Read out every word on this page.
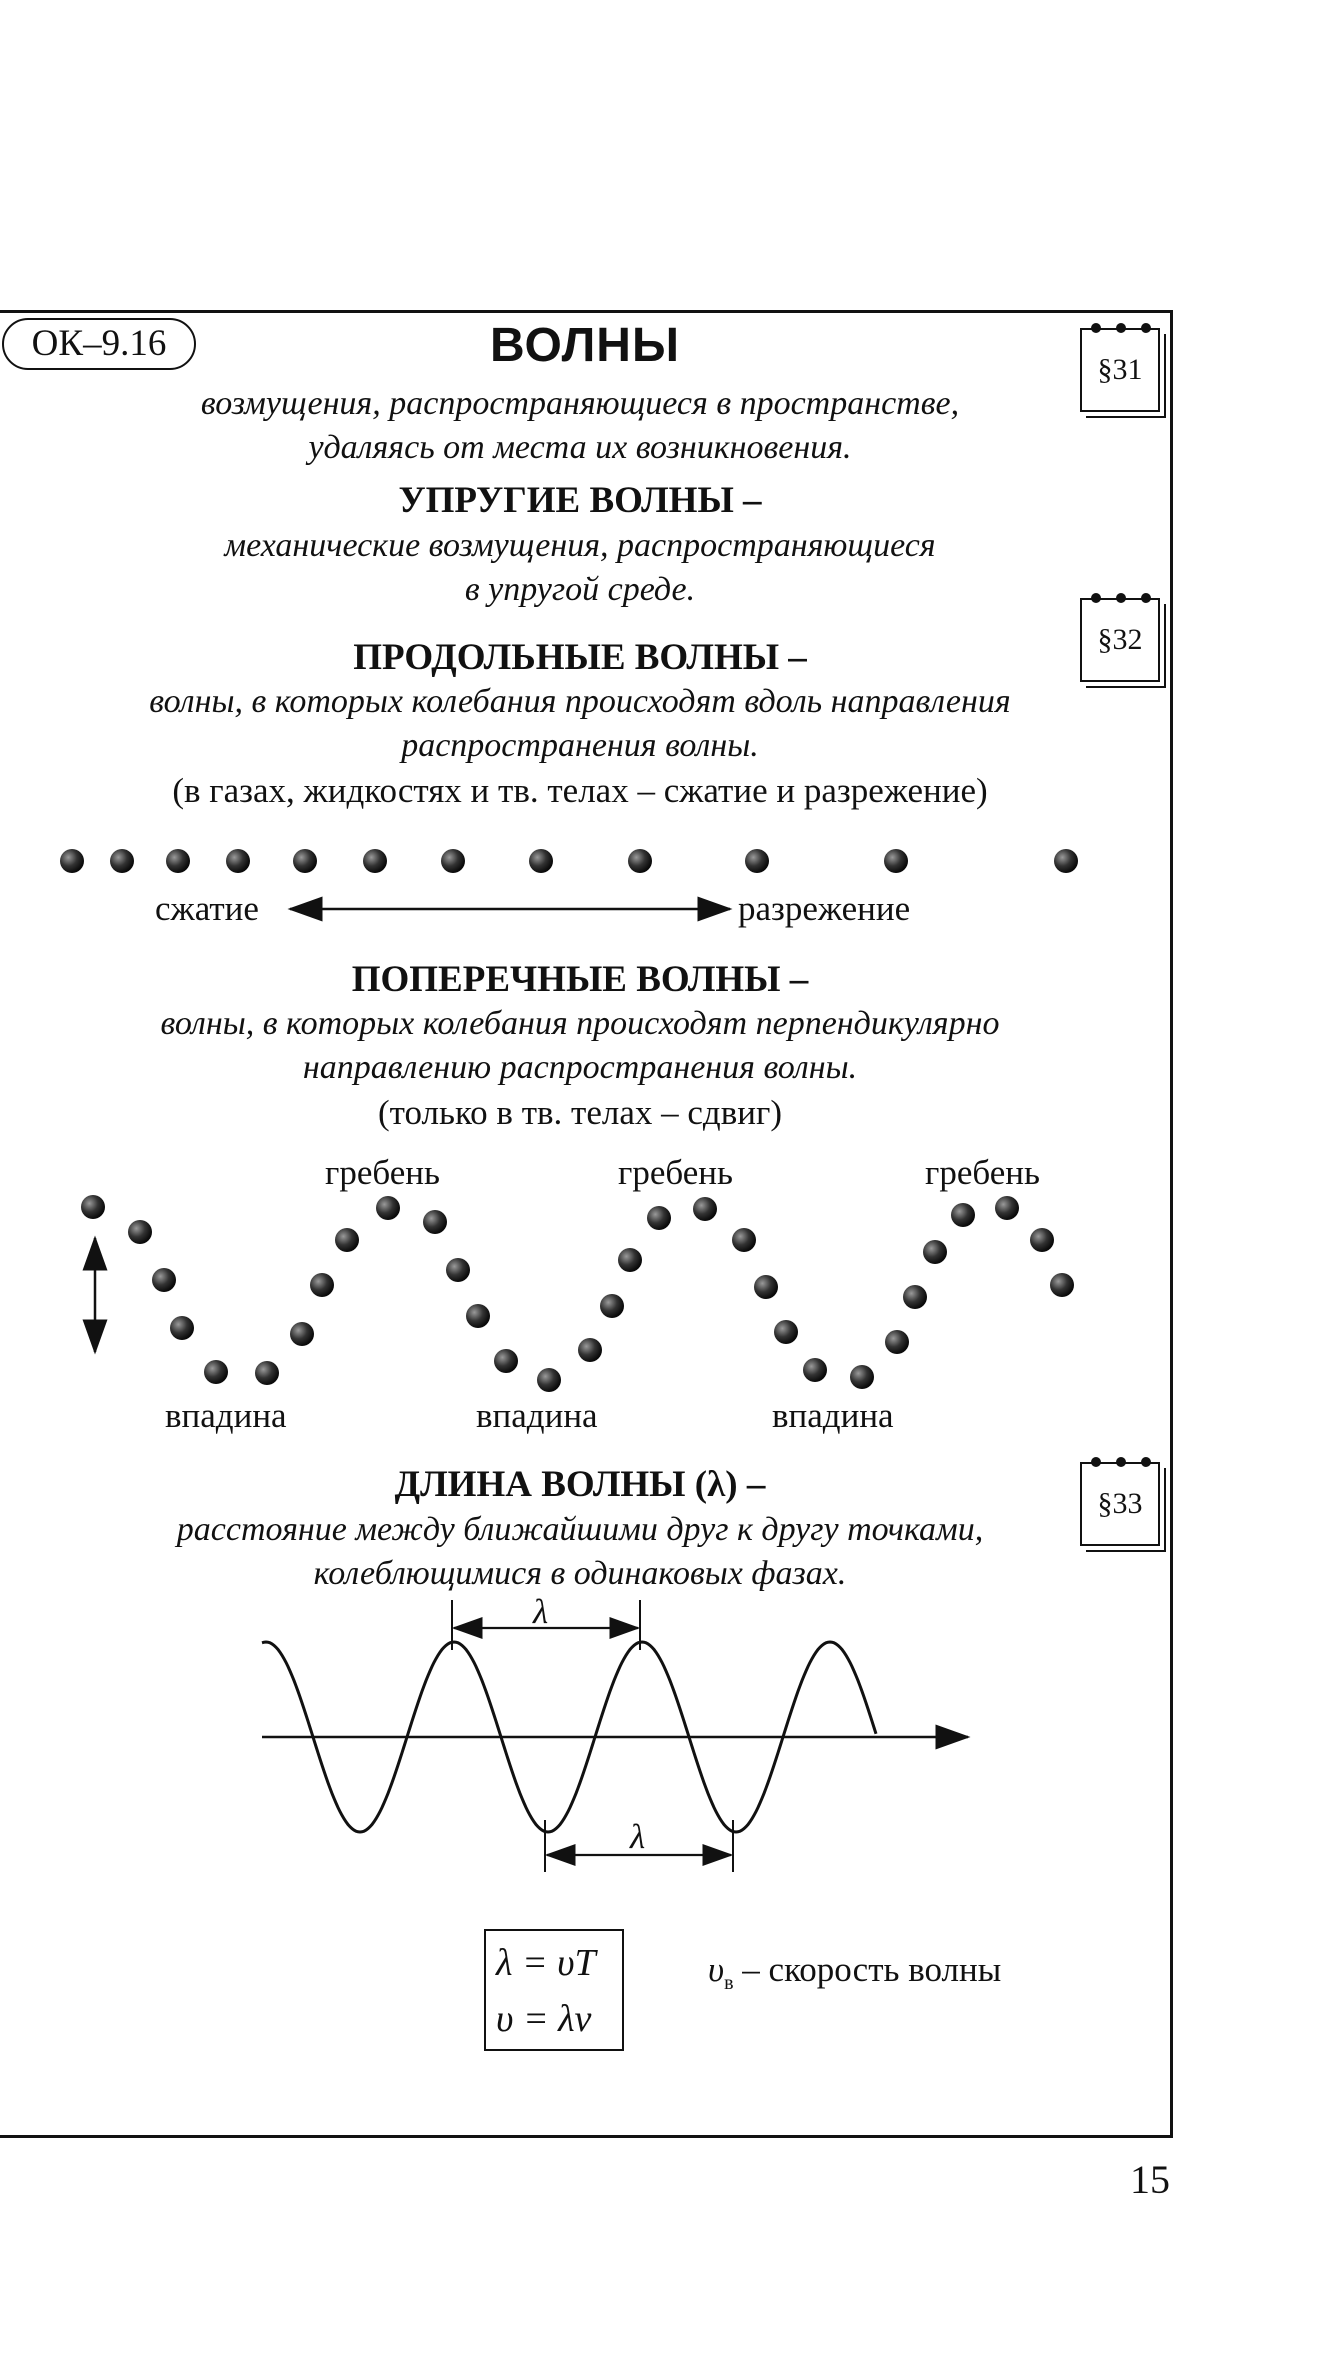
ОК–9.16	ВОЛНЫ	§31
§32
§33
возмущения, распространяющиеся в пространстве,
удаляясь от места их возникновения.
УПРУГИЕ ВОЛНЫ –
механические возмущения, распространяющиеся
в упругой среде.
ПРОДОЛЬНЫЕ ВОЛНЫ –
волны, в которых колебания происходят вдоль направления
распространения волны.
(в газах, жидкостях и тв. телах – сжатие и разрежение)
сжатие	разрежение
ПОПЕРЕЧНЫЕ ВОЛНЫ –
волны, в которых колебания происходят перпендикулярно
направлению распространения волны.
(только в тв. телах – сдвиг)
гребень	гребень	гребень
впадина	впадина	впадина
ДЛИНА ВОЛНЫ (λ) –
расстояние между ближайшими друг к другу точками,
колеблющимися в одинаковых фазах.
λ
λ
λ = υT
υ = λν
$\upsilon_в$ – скорость волны
15
